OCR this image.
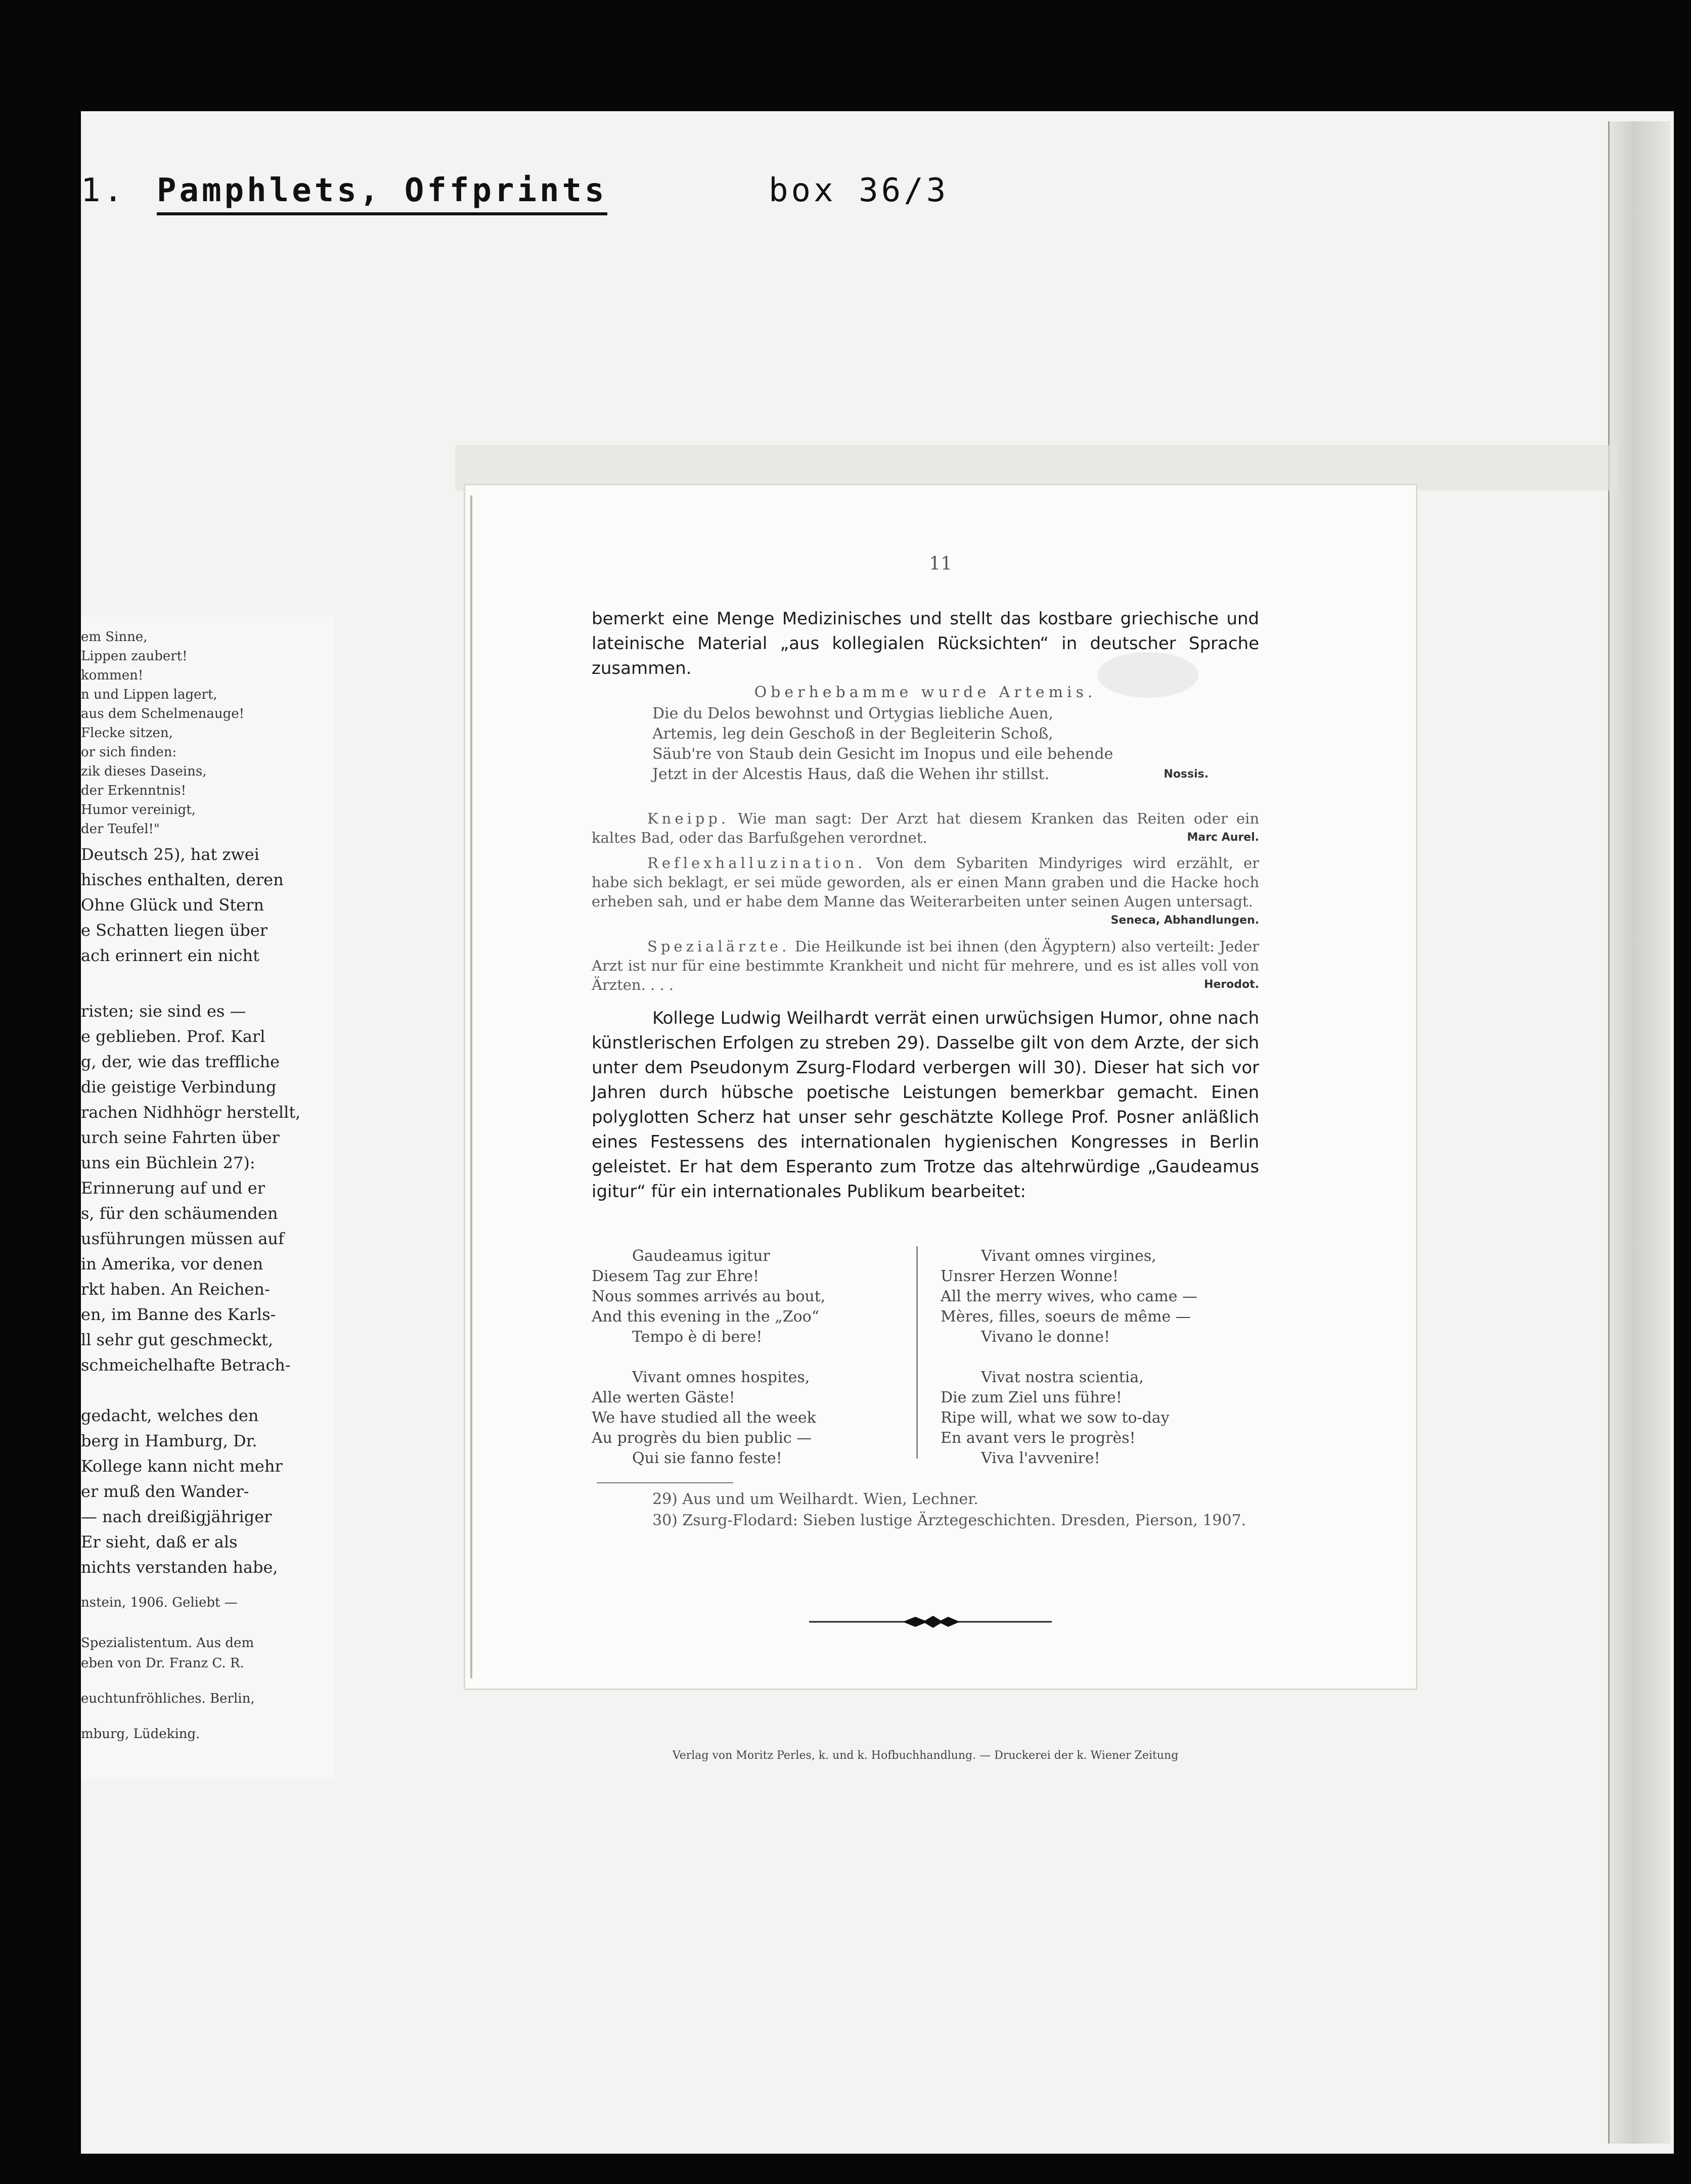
1. Pamphlets, Offprints	box 36/3
em Sinne,
Lippen zaubert!
kommen!
n und Lippen lagert,
aus dem Schelmenauge!
Flecke sitzen,
or sich finden:
zik dieses Daseins,
der Erkenntnis!
Humor vereinigt,
der Teufel!"
Deutsch 25), hat zwei
hisches enthalten, deren
Ohne Glück und Stern
e Schatten liegen über
ach erinnert ein nicht
risten; sie sind es —
e geblieben. Prof. Karl
g, der, wie das treffliche
die geistige Verbindung
rachen Nidhhögr herstellt,
urch seine Fahrten über
uns ein Büchlein 27):
Erinnerung auf und er
s, für den schäumenden
usführungen müssen auf
in Amerika, vor denen
rkt haben. An Reichen-
en, im Banne des Karls-
ll sehr gut geschmeckt,
schmeichelhafte Betrach-
gedacht, welches den
berg in Hamburg, Dr.
Kollege kann nicht mehr
er muß den Wander-
— nach dreißigjähriger
Er sieht, daß er als
nichts verstanden habe,
nstein, 1906. Geliebt —
Spezialistentum. Aus dem
eben von Dr. Franz C. R.
euchtunfröhliches. Berlin,
mburg, Lüdeking.
11

bemerkt eine Menge Medizinisches und stellt das kostbare griechische und lateinische Material „aus kollegialen Rücksichten“ in deutscher Sprache zusammen.

Oberhebamme wurde Artemis.
Die du Delos bewohnst und Ortygias liebliche Auen,
Artemis, leg dein Geschoß in der Begleiterin Schoß,
Säub're von Staub dein Gesicht im Inopus und eile behende
Jetzt in der Alcestis Haus, daß die Wehen ihr stillst.	Nossis.
Kneipp. Wie man sagt: Der Arzt hat diesem Kranken das Reiten oder ein kaltes Bad, oder das Barfußgehen verordnet.	Marc Aurel.
Reflexhalluzination. Von dem Sybariten Mindyriges wird erzählt, er habe sich beklagt, er sei müde geworden, als er einen Mann graben und die Hacke hoch erheben sah, und er habe dem Manne das Weiterarbeiten unter seinen Augen untersagt.
Seneca, Abhandlungen.
Spezialärzte. Die Heilkunde ist bei ihnen (den Ägyptern) also verteilt: Jeder Arzt ist nur für eine bestimmte Krankheit und nicht für mehrere, und es ist alles voll von Ärzten. . . .	Herodot.

Kollege Ludwig Weilhardt verrät einen urwüchsigen Humor, ohne nach künstlerischen Erfolgen zu streben 29). Dasselbe gilt von dem Arzte, der sich unter dem Pseudonym Zsurg-Flodard verbergen will 30). Dieser hat sich vor Jahren durch hübsche poetische Leistungen bemerkbar gemacht. Einen polyglotten Scherz hat unser sehr geschätzte Kollege Prof. Posner anläßlich eines Festessens des internationalen hygienischen Kongresses in Berlin geleistet. Er hat dem Esperanto zum Trotze das altehrwürdige „Gaudeamus igitur“ für ein internationales Publikum bearbeitet:

Gaudeamus igitur
Diesem Tag zur Ehre!
Nous sommes arrivés au bout,
And this evening in the „Zoo“
Tempo è di bere!
Vivant omnes hospites,
Alle werten Gäste!
We have studied all the week
Au progrès du bien public —
Qui sie fanno feste!
Vivant omnes virgines,
Unsrer Herzen Wonne!
All the merry wives, who came —
Mères, filles, soeurs de même —
Vivano le donne!
Vivat nostra scientia,
Die zum Ziel uns führe!
Ripe will, what we sow to-day
En avant vers le progrès!
Viva l'avvenire!
29) Aus und um Weilhardt. Wien, Lechner.
30) Zsurg-Flodard: Sieben lustige Ärztegeschichten. Dresden, Pierson, 1907.
Verlag von Moritz Perles, k. und k. Hofbuchhandlung. — Druckerei der k. Wiener Zeitung
